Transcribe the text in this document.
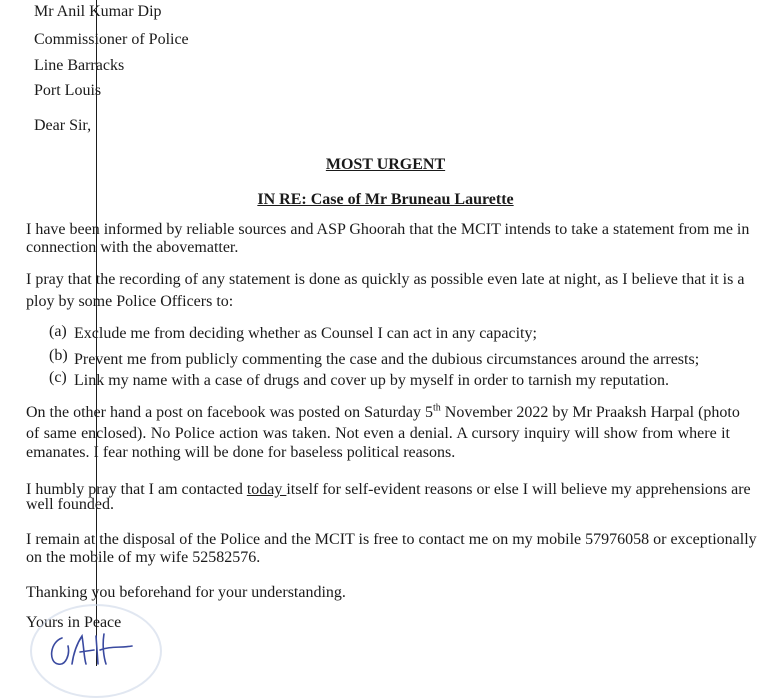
Mr Anil Kumar Dip
Commissioner of Police
Line Barracks
Port Louis
Dear Sir,
MOST URGENT
IN RE: Case of Mr Bruneau Laurette
I have been informed by reliable sources and ASP Ghoorah that the MCIT intends to take a statement from me in
connection with the abovematter.
I pray that the recording of any statement is done as quickly as possible even late at night, as I believe that it is a
ploy by some Police Officers to:
(a) Exclude me from deciding whether as Counsel I can act in any capacity;
(b) Prevent me from publicly commenting the case and the dubious circumstances around the arrests;
(c) Link my name with a case of drugs and cover up by myself in order to tarnish my reputation.
On the other hand a post on facebook was posted on Saturday 5th November 2022 by Mr Praaksh Harpal (photo
of same enclosed). No Police action was taken. Not even a denial. A cursory inquiry will show from where it
emanates. I fear nothing will be done for baseless political reasons.
I humbly pray that I am contacted today itself for self-evident reasons or else I will believe my apprehensions are
well founded.
I remain at the disposal of the Police and the MCIT is free to contact me on my mobile 57976058 or exceptionally
on the mobile of my wife 52582576.
Thanking you beforehand for your understanding.
Yours in Peace
